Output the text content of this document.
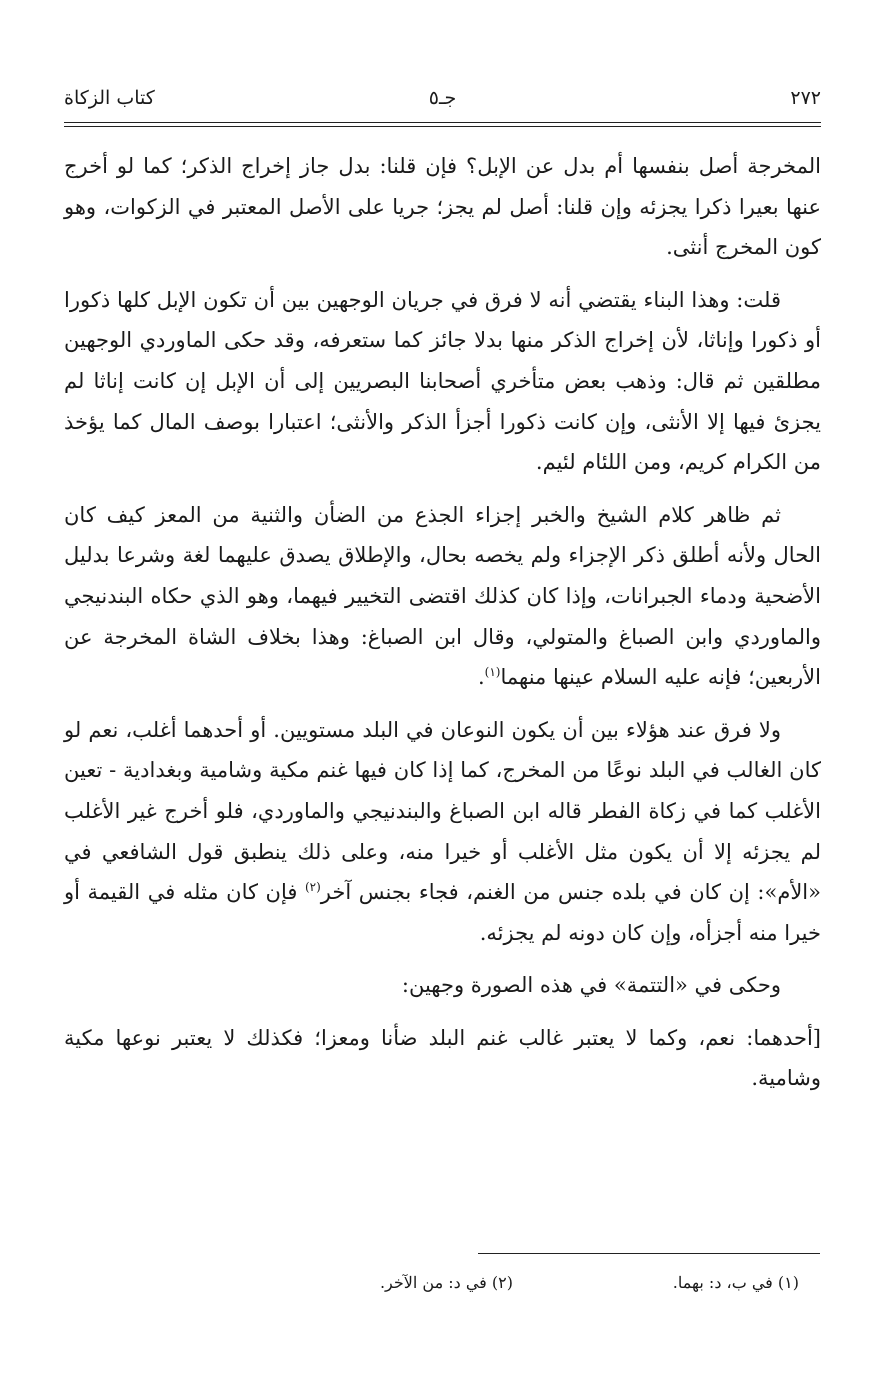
٢٧٢
جـ٥
كتاب الزكاة

المخرجة أصل بنفسها أم بدل عن الإبل؟ فإن قلنا: بدل جاز إخراج الذكر؛ كما لو أخرج عنها بعيرا ذكرا يجزئه وإن قلنا: أصل لم يجز؛ جريا على الأصل المعتبر في الزكوات، وهو كون المخرج أنثى.

قلت: وهذا البناء يقتضي أنه لا فرق في جريان الوجهين بين أن تكون الإبل كلها ذكورا أو ذكورا وإناثا، لأن إخراج الذكر منها بدلا جائز كما ستعرفه، وقد حكى الماوردي الوجهين مطلقين ثم قال: وذهب بعض متأخري أصحابنا البصريين إلى أن الإبل إن كانت إناثا لم يجزئ فيها إلا الأنثى، وإن كانت ذكورا أجزأ الذكر والأنثى؛ اعتبارا بوصف المال كما يؤخذ من الكرام كريم، ومن اللئام لئيم.

ثم ظاهر كلام الشيخ والخبر إجزاء الجذع من الضأن والثنية من المعز كيف كان الحال ولأنه أطلق ذكر الإجزاء ولم يخصه بحال، والإطلاق يصدق عليهما لغة وشرعا بدليل الأضحية ودماء الجبرانات، وإذا كان كذلك اقتضى التخيير فيهما، وهو الذي حكاه البندنيجي والماوردي وابن الصباغ والمتولي، وقال ابن الصباغ: وهذا بخلاف الشاة المخرجة عن الأربعين؛ فإنه عليه السلام عينها منهما$^{(١)}$.

ولا فرق عند هؤلاء بين أن يكون النوعان في البلد مستويين. أو أحدهما أغلب، نعم لو كان الغالب في البلد نوعًا من المخرج، كما إذا كان فيها غنم مكية وشامية وبغدادية - تعين الأغلب كما في زكاة الفطر قاله ابن الصباغ والبندنيجي والماوردي، فلو أخرج غير الأغلب لم يجزئه إلا أن يكون مثل الأغلب أو خيرا منه، وعلى ذلك ينطبق قول الشافعي في «الأم»: إن كان في بلده جنس من الغنم، فجاء بجنس آخر$^{(٢)}$ فإن كان مثله في القيمة أو خيرا منه أجزأه، وإن كان دونه لم يجزئه.

وحكى في «التتمة» في هذه الصورة وجهين:

[أحدهما: نعم، وكما لا يعتبر غالب غنم البلد ضأنا ومعزا؛ فكذلك لا يعتبر نوعها مكية وشامية.

(١) في ب، د: بهما.
(٢) في د: من الآخر.
